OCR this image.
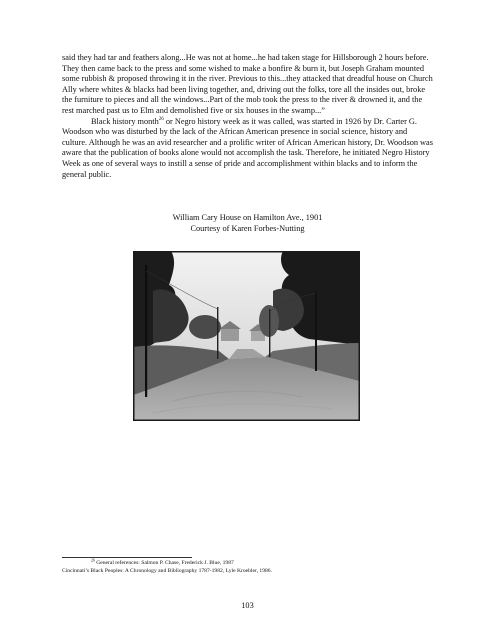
said they had tar and feathers along...He was not at home...he had taken stage for Hillsborough 2 hours before. They then came back to the press and some wished to make a bonfire & burn it, but Joseph Graham mounted some rubbish & proposed throwing it in the river. Previous to this...they attacked that dreadful house on Church Ally where whites & blacks had been living together, and, driving out the folks, tore all the insides out, broke the furniture to pieces and all the windows...Part of the mob took the press to the river & drowned it, and the rest marched past us to Elm and demolished five or six houses in the swamp...”

Black history month$^{26}$ or Negro history week as it was called, was started in 1926 by Dr. Carter G. Woodson who was disturbed by the lack of the African American presence in social science, history and culture. Although he was an avid researcher and a prolific writer of African American history, Dr. Woodson was aware that the publication of books alone would not accomplish the task. Therefore, he initiated Negro History Week as one of several ways to instill a sense of pride and accomplishment within blacks and to inform the general public.

William Cary House on Hamilton Ave., 1901
Courtesy of Karen Forbes-Nutting

$^{26}$ General references: Salmon P. Chase, Frederick J. Blue, 1987

Cincinnati’s Black Peoples: A Chronology and Bibliography 1787-1982, Lyle Kroebler, 1986.

103
